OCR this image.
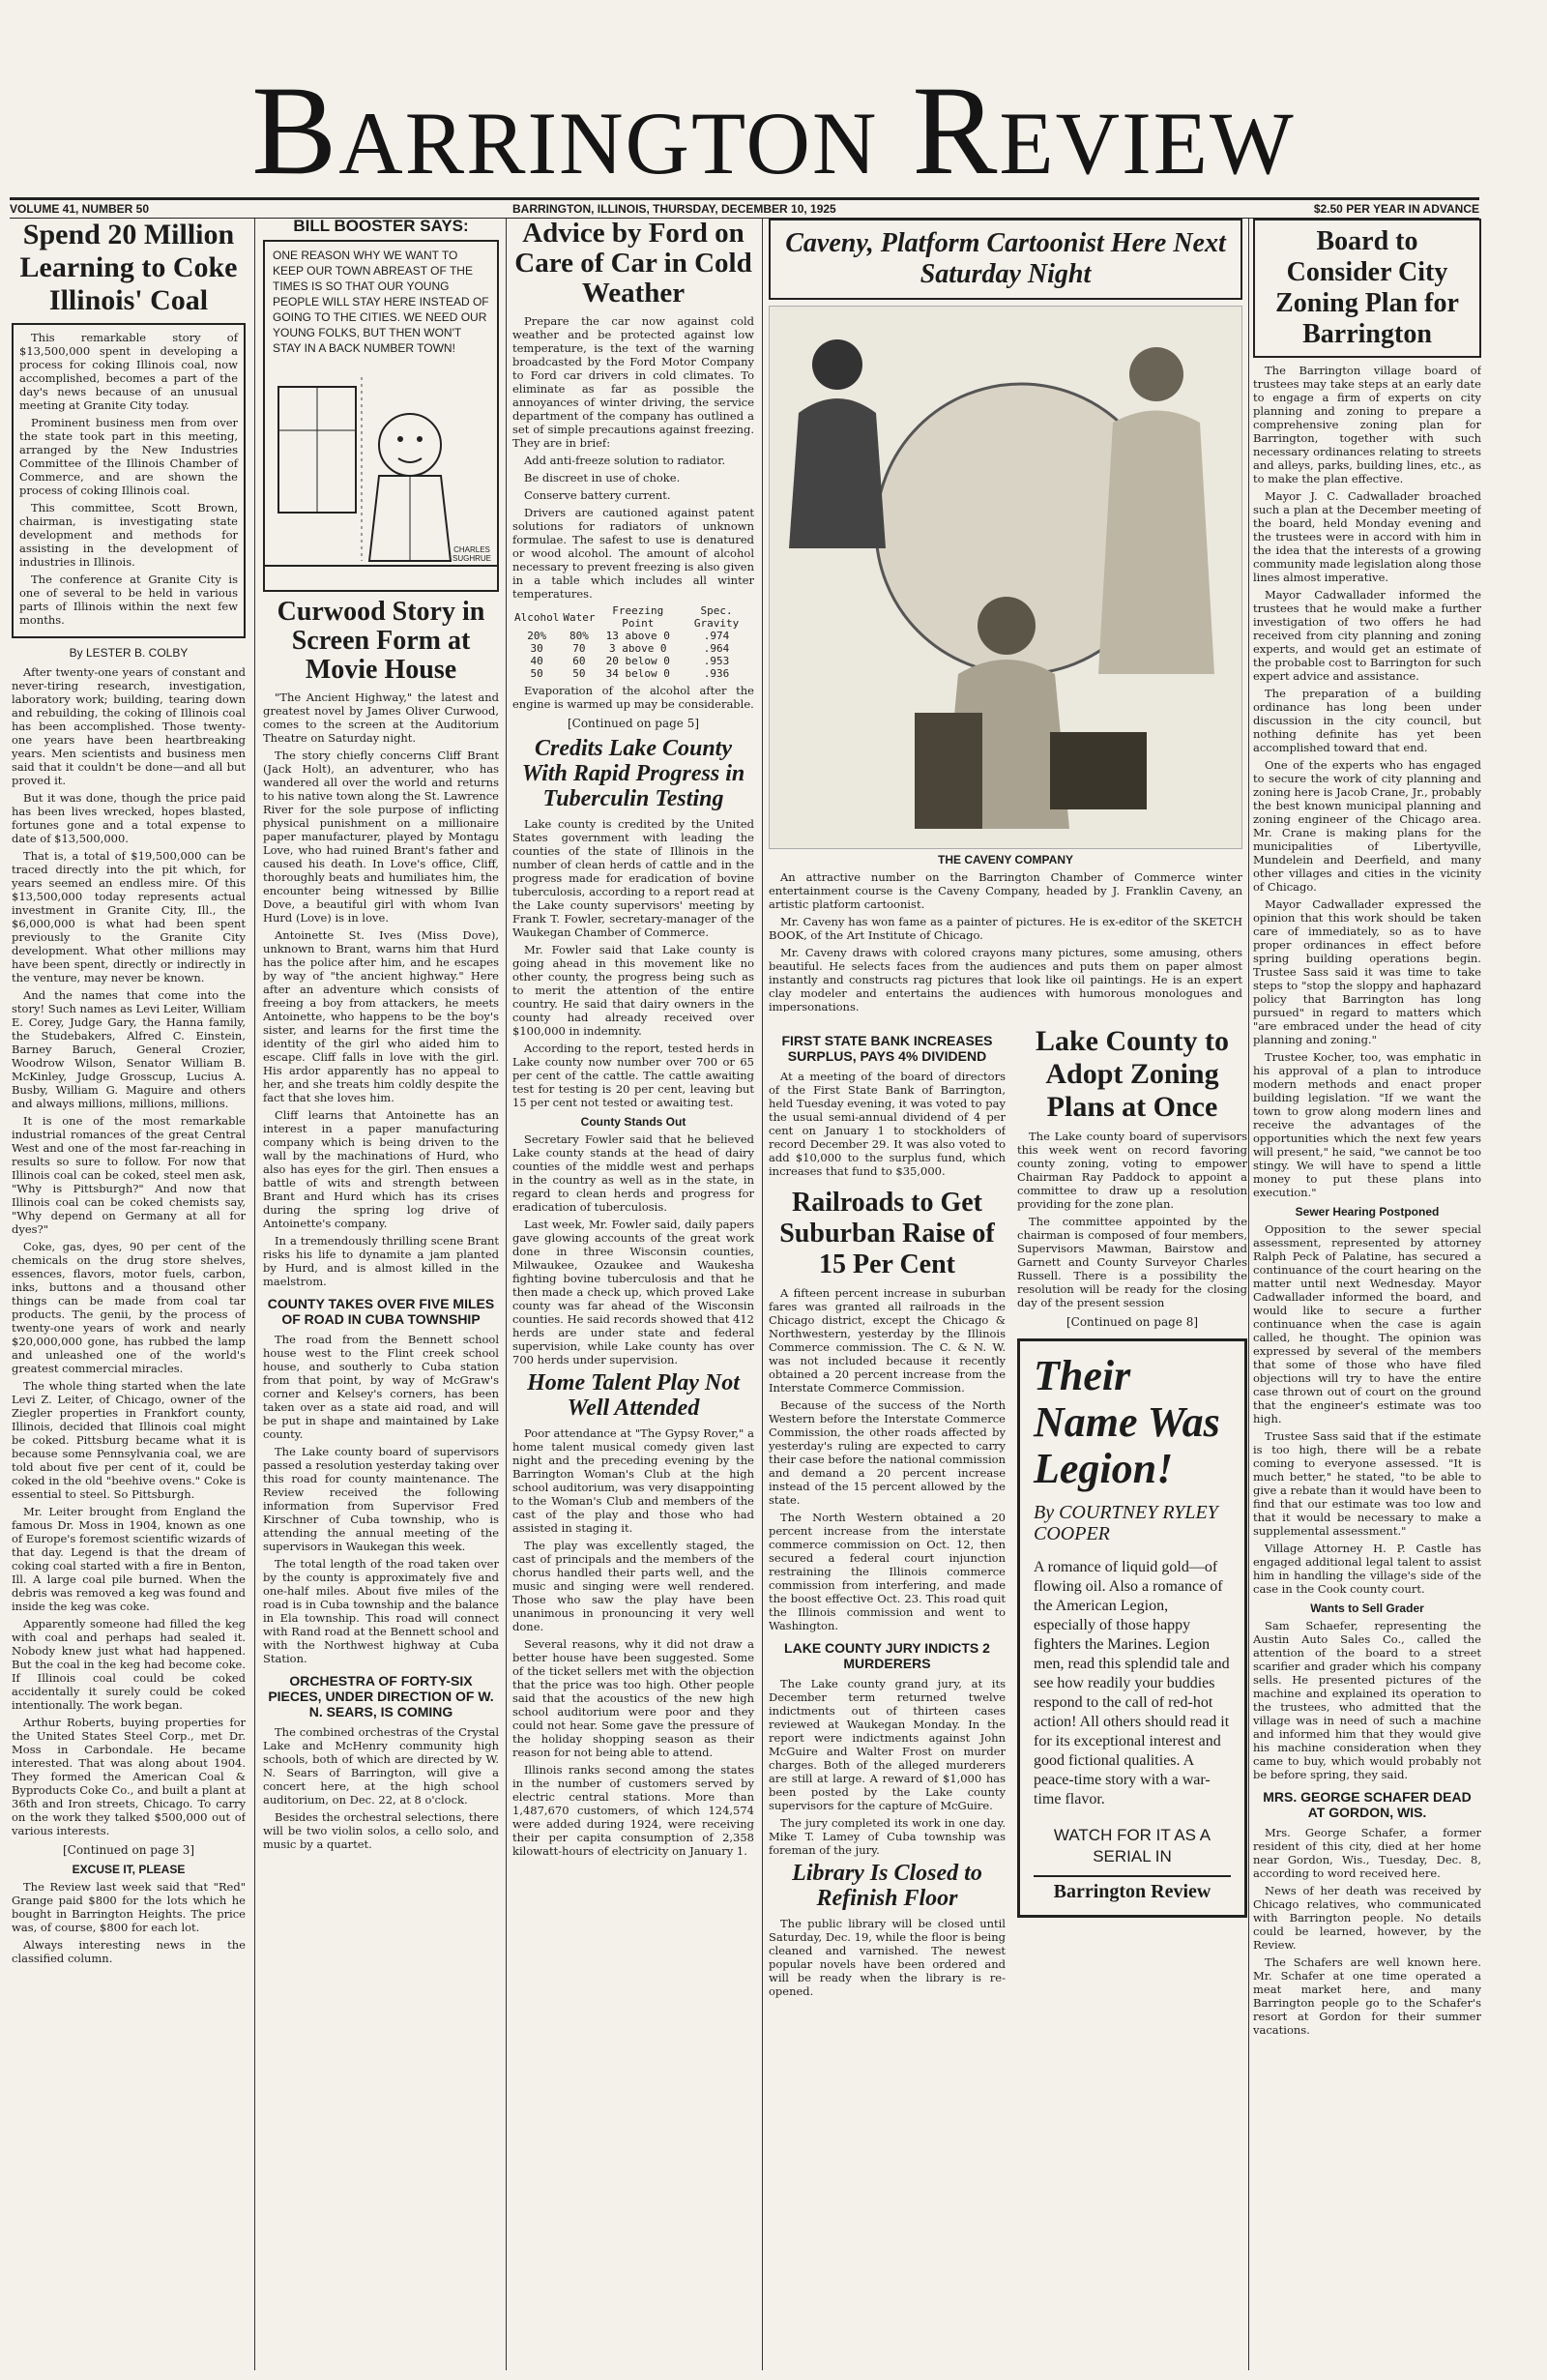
Barrington Review
VOLUME 41, NUMBER 50	BARRINGTON, ILLINOIS, THURSDAY, DECEMBER 10, 1925	$2.50 PER YEAR IN ADVANCE
Spend 20 Million Learning to Coke Illinois' Coal

This remarkable story of $13,500,000 spent in developing a process for coking Illinois coal, now accomplished, becomes a part of the day's news because of an unusual meeting at Granite City today.

Prominent business men from over the state took part in this meeting, arranged by the New Industries Committee of the Illinois Chamber of Commerce, and are shown the process of coking Illinois coal.

This committee, Scott Brown, chairman, is investigating state development and methods for assisting in the development of industries in Illinois.

The conference at Granite City is one of several to be held in various parts of Illinois within the next few months.

By LESTER B. COLBY

After twenty-one years of constant and never-tiring research, investigation, laboratory work; building, tearing down and rebuilding, the coking of Illinois coal has been accomplished. Those twenty-one years have been heartbreaking years. Men scientists and business men said that it couldn't be done—and all but proved it.

But it was done, though the price paid has been lives wrecked, hopes blasted, fortunes gone and a total expense to date of $13,500,000.

That is, a total of $19,500,000 can be traced directly into the pit which, for years seemed an endless mire. Of this $13,500,000 today represents actual investment in Granite City, Ill., the $6,000,000 is what had been spent previously to the Granite City development. What other millions may have been spent, directly or indirectly in the venture, may never be known.

And the names that come into the story! Such names as Levi Leiter, William E. Corey, Judge Gary, the Hanna family, the Studebakers, Alfred C. Einstein, Barney Baruch, General Crozier, Woodrow Wilson, Senator William B. McKinley, Judge Grosscup, Lucius A. Busby, William G. Maguire and others and always millions, millions, millions.

It is one of the most remarkable industrial romances of the great Central West and one of the most far-reaching in results so sure to follow. For now that Illinois coal can be coked, steel men ask, "Why is Pittsburgh?" And now that Illinois coal can be coked chemists say, "Why depend on Germany at all for dyes?"

Coke, gas, dyes, 90 per cent of the chemicals on the drug store shelves, essences, flavors, motor fuels, carbon, inks, buttons and a thousand other things can be made from coal tar products. The genii, by the process of twenty-one years of work and nearly $20,000,000 gone, has rubbed the lamp and unleashed one of the world's greatest commercial miracles.

The whole thing started when the late Levi Z. Leiter, of Chicago, owner of the Ziegler properties in Frankfort county, Illinois, decided that Illinois coal might be coked. Pittsburg became what it is because some Pennsylvania coal, we are told about five per cent of it, could be coked in the old "beehive ovens." Coke is essential to steel. So Pittsburgh.

Mr. Leiter brought from England the famous Dr. Moss in 1904, known as one of Europe's foremost scientific wizards of that day. Legend is that the dream of coking coal started with a fire in Benton, Ill. A large coal pile burned. When the debris was removed a keg was found and inside the keg was coke.

Apparently someone had filled the keg with coal and perhaps had sealed it. Nobody knew just what had happened. But the coal in the keg had become coke. If Illinois coal could be coked accidentally it surely could be coked intentionally. The work began.

Arthur Roberts, buying properties for the United States Steel Corp., met Dr. Moss in Carbondale. He became interested. That was along about 1904. They formed the American Coal & Byproducts Coke Co., and built a plant at 36th and Iron streets, Chicago. To carry on the work they talked $500,000 out of various interests.

[Continued on page 3]
EXCUSE IT, PLEASE

The Review last week said that "Red" Grange paid $800 for the lots which he bought in Barrington Heights. The price was, of course, $800 for each lot.

Always interesting news in the classified column.

BILL BOOSTER SAYS:
ONE REASON WHY WE WANT TO KEEP OUR TOWN ABREAST OF THE TIMES IS SO THAT OUR YOUNG PEOPLE WILL STAY HERE INSTEAD OF GOING TO THE CITIES. WE NEED OUR YOUNG FOLKS, BUT THEN WON'T STAY IN A BACK NUMBER TOWN!
CHARLES SUGHRUE
Curwood Story in Screen Form at Movie House

"The Ancient Highway," the latest and greatest novel by James Oliver Curwood, comes to the screen at the Auditorium Theatre on Saturday night.

The story chiefly concerns Cliff Brant (Jack Holt), an adventurer, who has wandered all over the world and returns to his native town along the St. Lawrence River for the sole purpose of inflicting physical punishment on a millionaire paper manufacturer, played by Montagu Love, who had ruined Brant's father and caused his death. In Love's office, Cliff, thoroughly beats and humiliates him, the encounter being witnessed by Billie Dove, a beautiful girl with whom Ivan Hurd (Love) is in love.

Antoinette St. Ives (Miss Dove), unknown to Brant, warns him that Hurd has the police after him, and he escapes by way of "the ancient highway." Here after an adventure which consists of freeing a boy from attackers, he meets Antoinette, who happens to be the boy's sister, and learns for the first time the identity of the girl who aided him to escape. Cliff falls in love with the girl. His ardor apparently has no appeal to her, and she treats him coldly despite the fact that she loves him.

Cliff learns that Antoinette has an interest in a paper manufacturing company which is being driven to the wall by the machinations of Hurd, who also has eyes for the girl. Then ensues a battle of wits and strength between Brant and Hurd which has its crises during the spring log drive of Antoinette's company.

In a tremendously thrilling scene Brant risks his life to dynamite a jam planted by Hurd, and is almost killed in the maelstrom.

COUNTY TAKES OVER FIVE MILES OF ROAD IN CUBA TOWNSHIP

The road from the Bennett school house west to the Flint creek school house, and southerly to Cuba station from that point, by way of McGraw's corner and Kelsey's corners, has been taken over as a state aid road, and will be put in shape and maintained by Lake county.

The Lake county board of supervisors passed a resolution yesterday taking over this road for county maintenance. The Review received the following information from Supervisor Fred Kirschner of Cuba township, who is attending the annual meeting of the supervisors in Waukegan this week.

The total length of the road taken over by the county is approximately five and one-half miles. About five miles of the road is in Cuba township and the balance in Ela township. This road will connect with Rand road at the Bennett school and with the Northwest highway at Cuba Station.

ORCHESTRA OF FORTY-SIX PIECES, UNDER DIRECTION OF W. N. SEARS, IS COMING

The combined orchestras of the Crystal Lake and McHenry community high schools, both of which are directed by W. N. Sears of Barrington, will give a concert here, at the high school auditorium, on Dec. 22, at 8 o'clock.

Besides the orchestral selections, there will be two violin solos, a cello solo, and music by a quartet.

Advice by Ford on Care of Car in Cold Weather

Prepare the car now against cold weather and be protected against low temperature, is the text of the warning broadcasted by the Ford Motor Company to Ford car drivers in cold climates. To eliminate as far as possible the annoyances of winter driving, the service department of the company has outlined a set of simple precautions against freezing. They are in brief:

Add anti-freeze solution to radiator.

Be discreet in use of choke.

Conserve battery current.

Drivers are cautioned against patent solutions for radiators of unknown formulae. The safest to use is denatured or wood alcohol. The amount of alcohol necessary to prevent freezing is also given in a table which includes all winter temperatures.

Alcohol	Water	Freezing Point	Spec. Gravity
20%	80%	13 above 0	.974
30	70	3 above 0	.964
40	60	20 below 0	.953
50	50	34 below 0	.936

Evaporation of the alcohol after the engine is warmed up may be considerable.

[Continued on page 5]
Credits Lake County With Rapid Progress in Tuberculin Testing

Lake county is credited by the United States government with leading the counties of the state of Illinois in the number of clean herds of cattle and in the progress made for eradication of bovine tuberculosis, according to a report read at the Lake county supervisors' meeting by Frank T. Fowler, secretary-manager of the Waukegan Chamber of Commerce.

Mr. Fowler said that Lake county is going ahead in this movement like no other county, the progress being such as to merit the attention of the entire country. He said that dairy owners in the county had already received over $100,000 in indemnity.

According to the report, tested herds in Lake county now number over 700 or 65 per cent of the cattle. The cattle awaiting test for testing is 20 per cent, leaving but 15 per cent not tested or awaiting test.

County Stands Out

Secretary Fowler said that he believed Lake county stands at the head of dairy counties of the middle west and perhaps in the country as well as in the state, in regard to clean herds and progress for eradication of tuberculosis.

Last week, Mr. Fowler said, daily papers gave glowing accounts of the great work done in three Wisconsin counties, Milwaukee, Ozaukee and Waukesha fighting bovine tuberculosis and that he then made a check up, which proved Lake county was far ahead of the Wisconsin counties. He said records showed that 412 herds are under state and federal supervision, while Lake county has over 700 herds under supervision.

Home Talent Play Not Well Attended

Poor attendance at "The Gypsy Rover," a home talent musical comedy given last night and the preceding evening by the Barrington Woman's Club at the high school auditorium, was very disappointing to the Woman's Club and members of the cast of the play and those who had assisted in staging it.

The play was excellently staged, the cast of principals and the members of the chorus handled their parts well, and the music and singing were well rendered. Those who saw the play have been unanimous in pronouncing it very well done.

Several reasons, why it did not draw a better house have been suggested. Some of the ticket sellers met with the objection that the price was too high. Other people said that the acoustics of the new high school auditorium were poor and they could not hear. Some gave the pressure of the holiday shopping season as their reason for not being able to attend.

Illinois ranks second among the states in the number of customers served by electric central stations. More than 1,487,670 customers, of which 124,574 were added during 1924, were receiving their per capita consumption of 2,358 kilowatt-hours of electricity on January 1.

Caveny, Platform Cartoonist Here Next Saturday Night
THE CAVENY COMPANY

An attractive number on the Barrington Chamber of Commerce winter entertainment course is the Caveny Company, headed by J. Franklin Caveny, an artistic platform cartoonist.

Mr. Caveny has won fame as a painter of pictures. He is ex-editor of the SKETCH BOOK, of the Art Institute of Chicago.

Mr. Caveny draws with colored crayons many pictures, some amusing, others beautiful. He selects faces from the audiences and puts them on paper almost instantly and constructs rag pictures that look like oil paintings. He is an expert clay modeler and entertains the audiences with humorous monologues and impersonations.

FIRST STATE BANK INCREASES SURPLUS, PAYS 4% DIVIDEND

At a meeting of the board of directors of the First State Bank of Barrington, held Tuesday evening, it was voted to pay the usual semi-annual dividend of 4 per cent on January 1 to stockholders of record December 29. It was also voted to add $10,000 to the surplus fund, which increases that fund to $35,000.

Railroads to Get Suburban Raise of 15 Per Cent

A fifteen percent increase in suburban fares was granted all railroads in the Chicago district, except the Chicago & Northwestern, yesterday by the Illinois Commerce commission. The C. & N. W. was not included because it recently obtained a 20 percent increase from the Interstate Commerce Commission.

Because of the success of the North Western before the Interstate Commerce Commission, the other roads affected by yesterday's ruling are expected to carry their case before the national commission and demand a 20 percent increase instead of the 15 percent allowed by the state.

The North Western obtained a 20 percent increase from the interstate commerce commission on Oct. 12, then secured a federal court injunction restraining the Illinois commerce commission from interfering, and made the boost effective Oct. 23. This road quit the Illinois commission and went to Washington.

LAKE COUNTY JURY INDICTS 2 MURDERERS

The Lake county grand jury, at its December term returned twelve indictments out of thirteen cases reviewed at Waukegan Monday. In the report were indictments against John McGuire and Walter Frost on murder charges. Both of the alleged murderers are still at large. A reward of $1,000 has been posted by the Lake county supervisors for the capture of McGuire.

The jury completed its work in one day. Mike T. Lamey of Cuba township was foreman of the jury.

Library Is Closed to Refinish Floor

The public library will be closed until Saturday, Dec. 19, while the floor is being cleaned and varnished. The newest popular novels have been ordered and will be ready when the library is re-opened.

Lake County to Adopt Zoning Plans at Once

The Lake county board of supervisors this week went on record favoring county zoning, voting to empower Chairman Ray Paddock to appoint a committee to draw up a resolution providing for the zone plan.

The committee appointed by the chairman is composed of four members, Supervisors Mawman, Bairstow and Garnett and County Surveyor Charles Russell. There is a possibility the resolution will be ready for the closing day of the present session

[Continued on page 8]
Their Name Was Legion!
By COURTNEY RYLEY COOPER
A romance of liquid gold—of flowing oil. Also a romance of the American Legion, especially of those happy fighters the Marines. Legion men, read this splendid tale and see how readily your buddies respond to the call of red-hot action! All others should read it for its exceptional interest and good fictional qualities. A peace-time story with a war-time flavor.
WATCH FOR IT AS A SERIAL IN
Barrington Review
Board to Consider City Zoning Plan for Barrington

The Barrington village board of trustees may take steps at an early date to engage a firm of experts on city planning and zoning to prepare a comprehensive zoning plan for Barrington, together with such necessary ordinances relating to streets and alleys, parks, building lines, etc., as to make the plan effective.

Mayor J. C. Cadwallader broached such a plan at the December meeting of the board, held Monday evening and the trustees were in accord with him in the idea that the interests of a growing community made legislation along those lines almost imperative.

Mayor Cadwallader informed the trustees that he would make a further investigation of two offers he had received from city planning and zoning experts, and would get an estimate of the probable cost to Barrington for such expert advice and assistance.

The preparation of a building ordinance has long been under discussion in the city council, but nothing definite has yet been accomplished toward that end.

One of the experts who has engaged to secure the work of city planning and zoning here is Jacob Crane, Jr., probably the best known municipal planning and zoning engineer of the Chicago area. Mr. Crane is making plans for the municipalities of Libertyville, Mundelein and Deerfield, and many other villages and cities in the vicinity of Chicago.

Mayor Cadwallader expressed the opinion that this work should be taken care of immediately, so as to have proper ordinances in effect before spring building operations begin. Trustee Sass said it was time to take steps to "stop the sloppy and haphazard policy that Barrington has long pursued" in regard to matters which "are embraced under the head of city planning and zoning."

Trustee Kocher, too, was emphatic in his approval of a plan to introduce modern methods and enact proper building legislation. "If we want the town to grow along modern lines and receive the advantages of the opportunities which the next few years will present," he said, "we cannot be too stingy. We will have to spend a little money to put these plans into execution."

Sewer Hearing Postponed

Opposition to the sewer special assessment, represented by attorney Ralph Peck of Palatine, has secured a continuance of the court hearing on the matter until next Wednesday. Mayor Cadwallader informed the board, and would like to secure a further continuance when the case is again called, he thought. The opinion was expressed by several of the members that some of those who have filed objections will try to have the entire case thrown out of court on the ground that the engineer's estimate was too high.

Trustee Sass said that if the estimate is too high, there will be a rebate coming to everyone assessed. "It is much better," he stated, "to be able to give a rebate than it would have been to find that our estimate was too low and that it would be necessary to make a supplemental assessment."

Village Attorney H. P. Castle has engaged additional legal talent to assist him in handling the village's side of the case in the Cook county court.

Wants to Sell Grader

Sam Schaefer, representing the Austin Auto Sales Co., called the attention of the board to a street scarifier and grader which his company sells. He presented pictures of the machine and explained its operation to the trustees, who admitted that the village was in need of such a machine and informed him that they would give his machine consideration when they came to buy, which would probably not be before spring, they said.

MRS. GEORGE SCHAFER DEAD AT GORDON, WIS.

Mrs. George Schafer, a former resident of this city, died at her home near Gordon, Wis., Tuesday, Dec. 8, according to word received here.

News of her death was received by Chicago relatives, who communicated with Barrington people. No details could be learned, however, by the Review.

The Schafers are well known here. Mr. Schafer at one time operated a meat market here, and many Barrington people go to the Schafer's resort at Gordon for their summer vacations.
